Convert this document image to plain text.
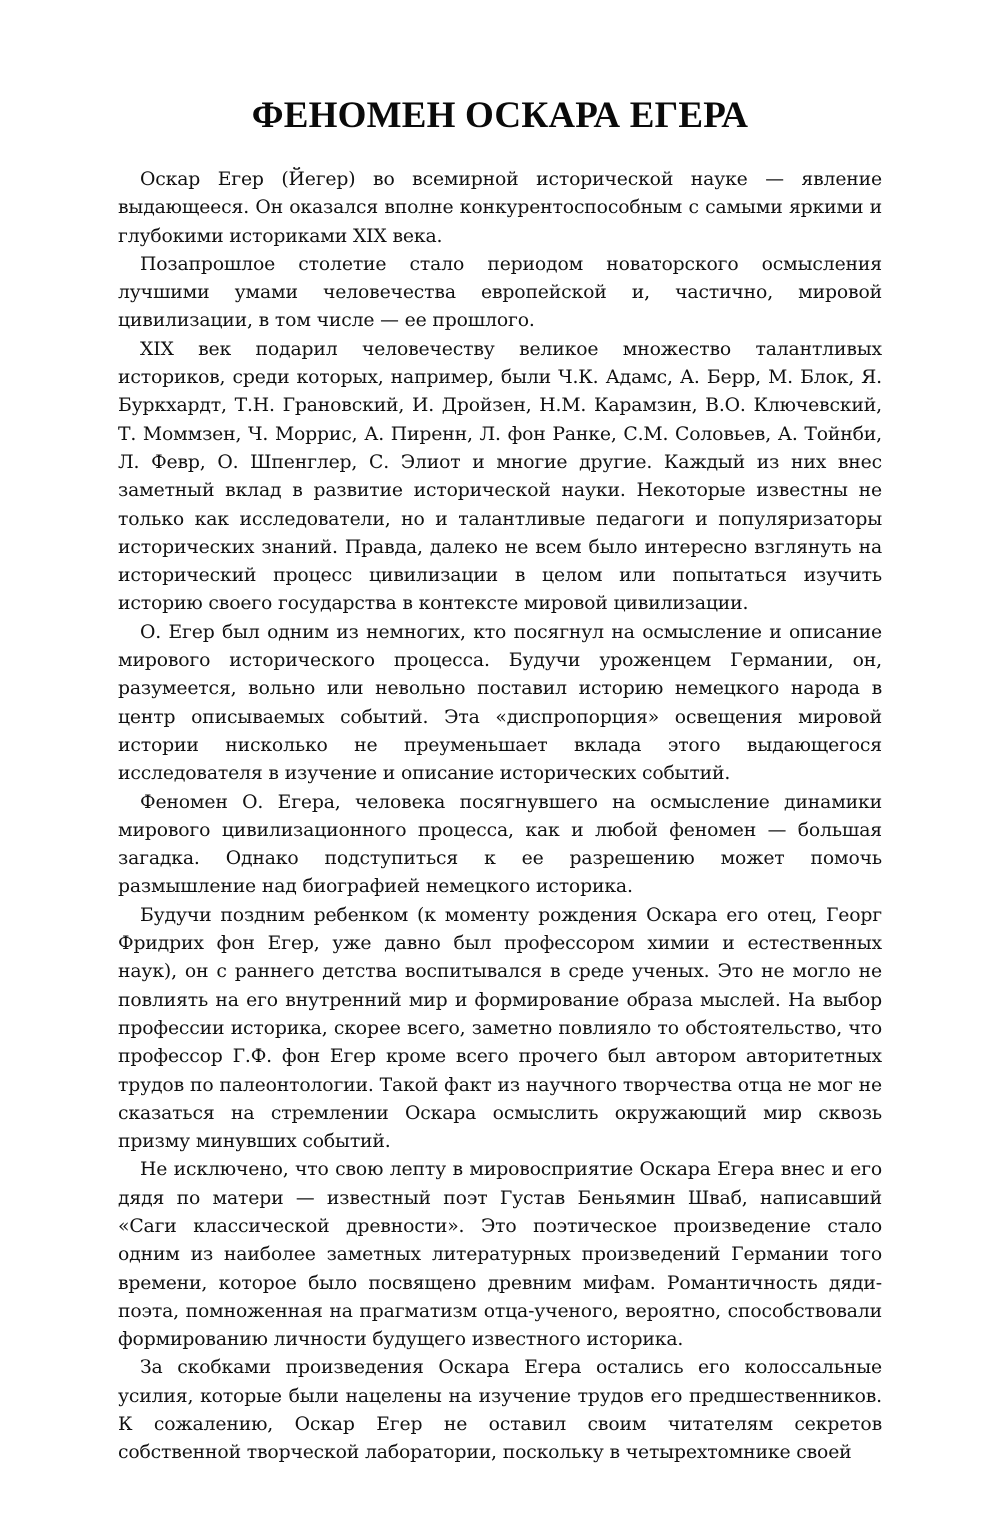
ФЕНОМЕН ОСКАРА ЕГЕРА

Оскар Егер (Йегер) во всемирной исторической науке — явление выдающееся. Он оказался вполне конкурентоспособным с самыми яркими и глубокими историками XIX века.

Позапрошлое столетие стало периодом новаторского осмысления лучшими умами человечества европейской и, частично, мировой цивилизации, в том числе — ее прошлого.

XIX век подарил человечеству великое множество талантливых историков, среди которых, например, были Ч.К. Адамс, А. Берр, М. Блок, Я. Буркхардт, Т.Н. Грановский, И. Дройзен, Н.М. Карамзин, В.О. Ключевский, Т. Моммзен, Ч. Моррис, А. Пиренн, Л. фон Ранке, С.М. Соловьев, А. Тойнби, Л. Февр, О. Шпенглер, С. Элиот и многие другие. Каждый из них внес заметный вклад в развитие исторической науки. Некоторые известны не только как исследователи, но и талантливые педагоги и популяризаторы исторических знаний. Правда, далеко не всем было интересно взглянуть на исторический процесс цивилизации в целом или попытаться изучить историю своего государства в контексте мировой цивилизации.

О. Егер был одним из немногих, кто посягнул на осмысление и описание мирового исторического процесса. Будучи уроженцем Германии, он, разумеется, вольно или невольно поставил историю немецкого народа в центр описываемых событий. Эта «диспропорция» освещения мировой истории нисколько не преуменьшает вклада этого выдающегося исследователя в изучение и описание исторических событий.

Феномен О. Егера, человека посягнувшего на осмысление динамики мирового цивилизационного процесса, как и любой феномен — большая загадка. Однако подступиться к ее разрешению может помочь размышление над биографией немецкого историка.

Будучи поздним ребенком (к моменту рождения Оскара его отец, Георг Фридрих фон Егер, уже давно был профессором химии и естественных наук), он с раннего детства воспитывался в среде ученых. Это не могло не повлиять на его внутренний мир и формирование образа мыслей. На выбор профессии историка, скорее всего, заметно повлияло то обстоятельство, что профессор Г.Ф. фон Егер кроме всего прочего был автором авторитетных трудов по палеонтологии. Такой факт из научного творчества отца не мог не сказаться на стремлении Оскара осмыслить окружающий мир сквозь призму минувших событий.

Не исключено, что свою лепту в мировосприятие Оскара Егера внес и его дядя по матери — известный поэт Густав Беньямин Шваб, написавший «Саги классической древности». Это поэтическое произведение стало одним из наиболее заметных литературных произведений Германии того времени, которое было посвящено древним мифам. Романтичность дяди-поэта, помноженная на прагматизм отца-ученого, вероятно, способствовали формированию личности будущего известного историка.

За скобками произведения Оскара Егера остались его колоссальные усилия, которые были нацелены на изучение трудов его предшественников. К сожалению, Оскар Егер не оставил своим читателям секретов собственной творческой лаборатории, поскольку в четырехтомнике своей
